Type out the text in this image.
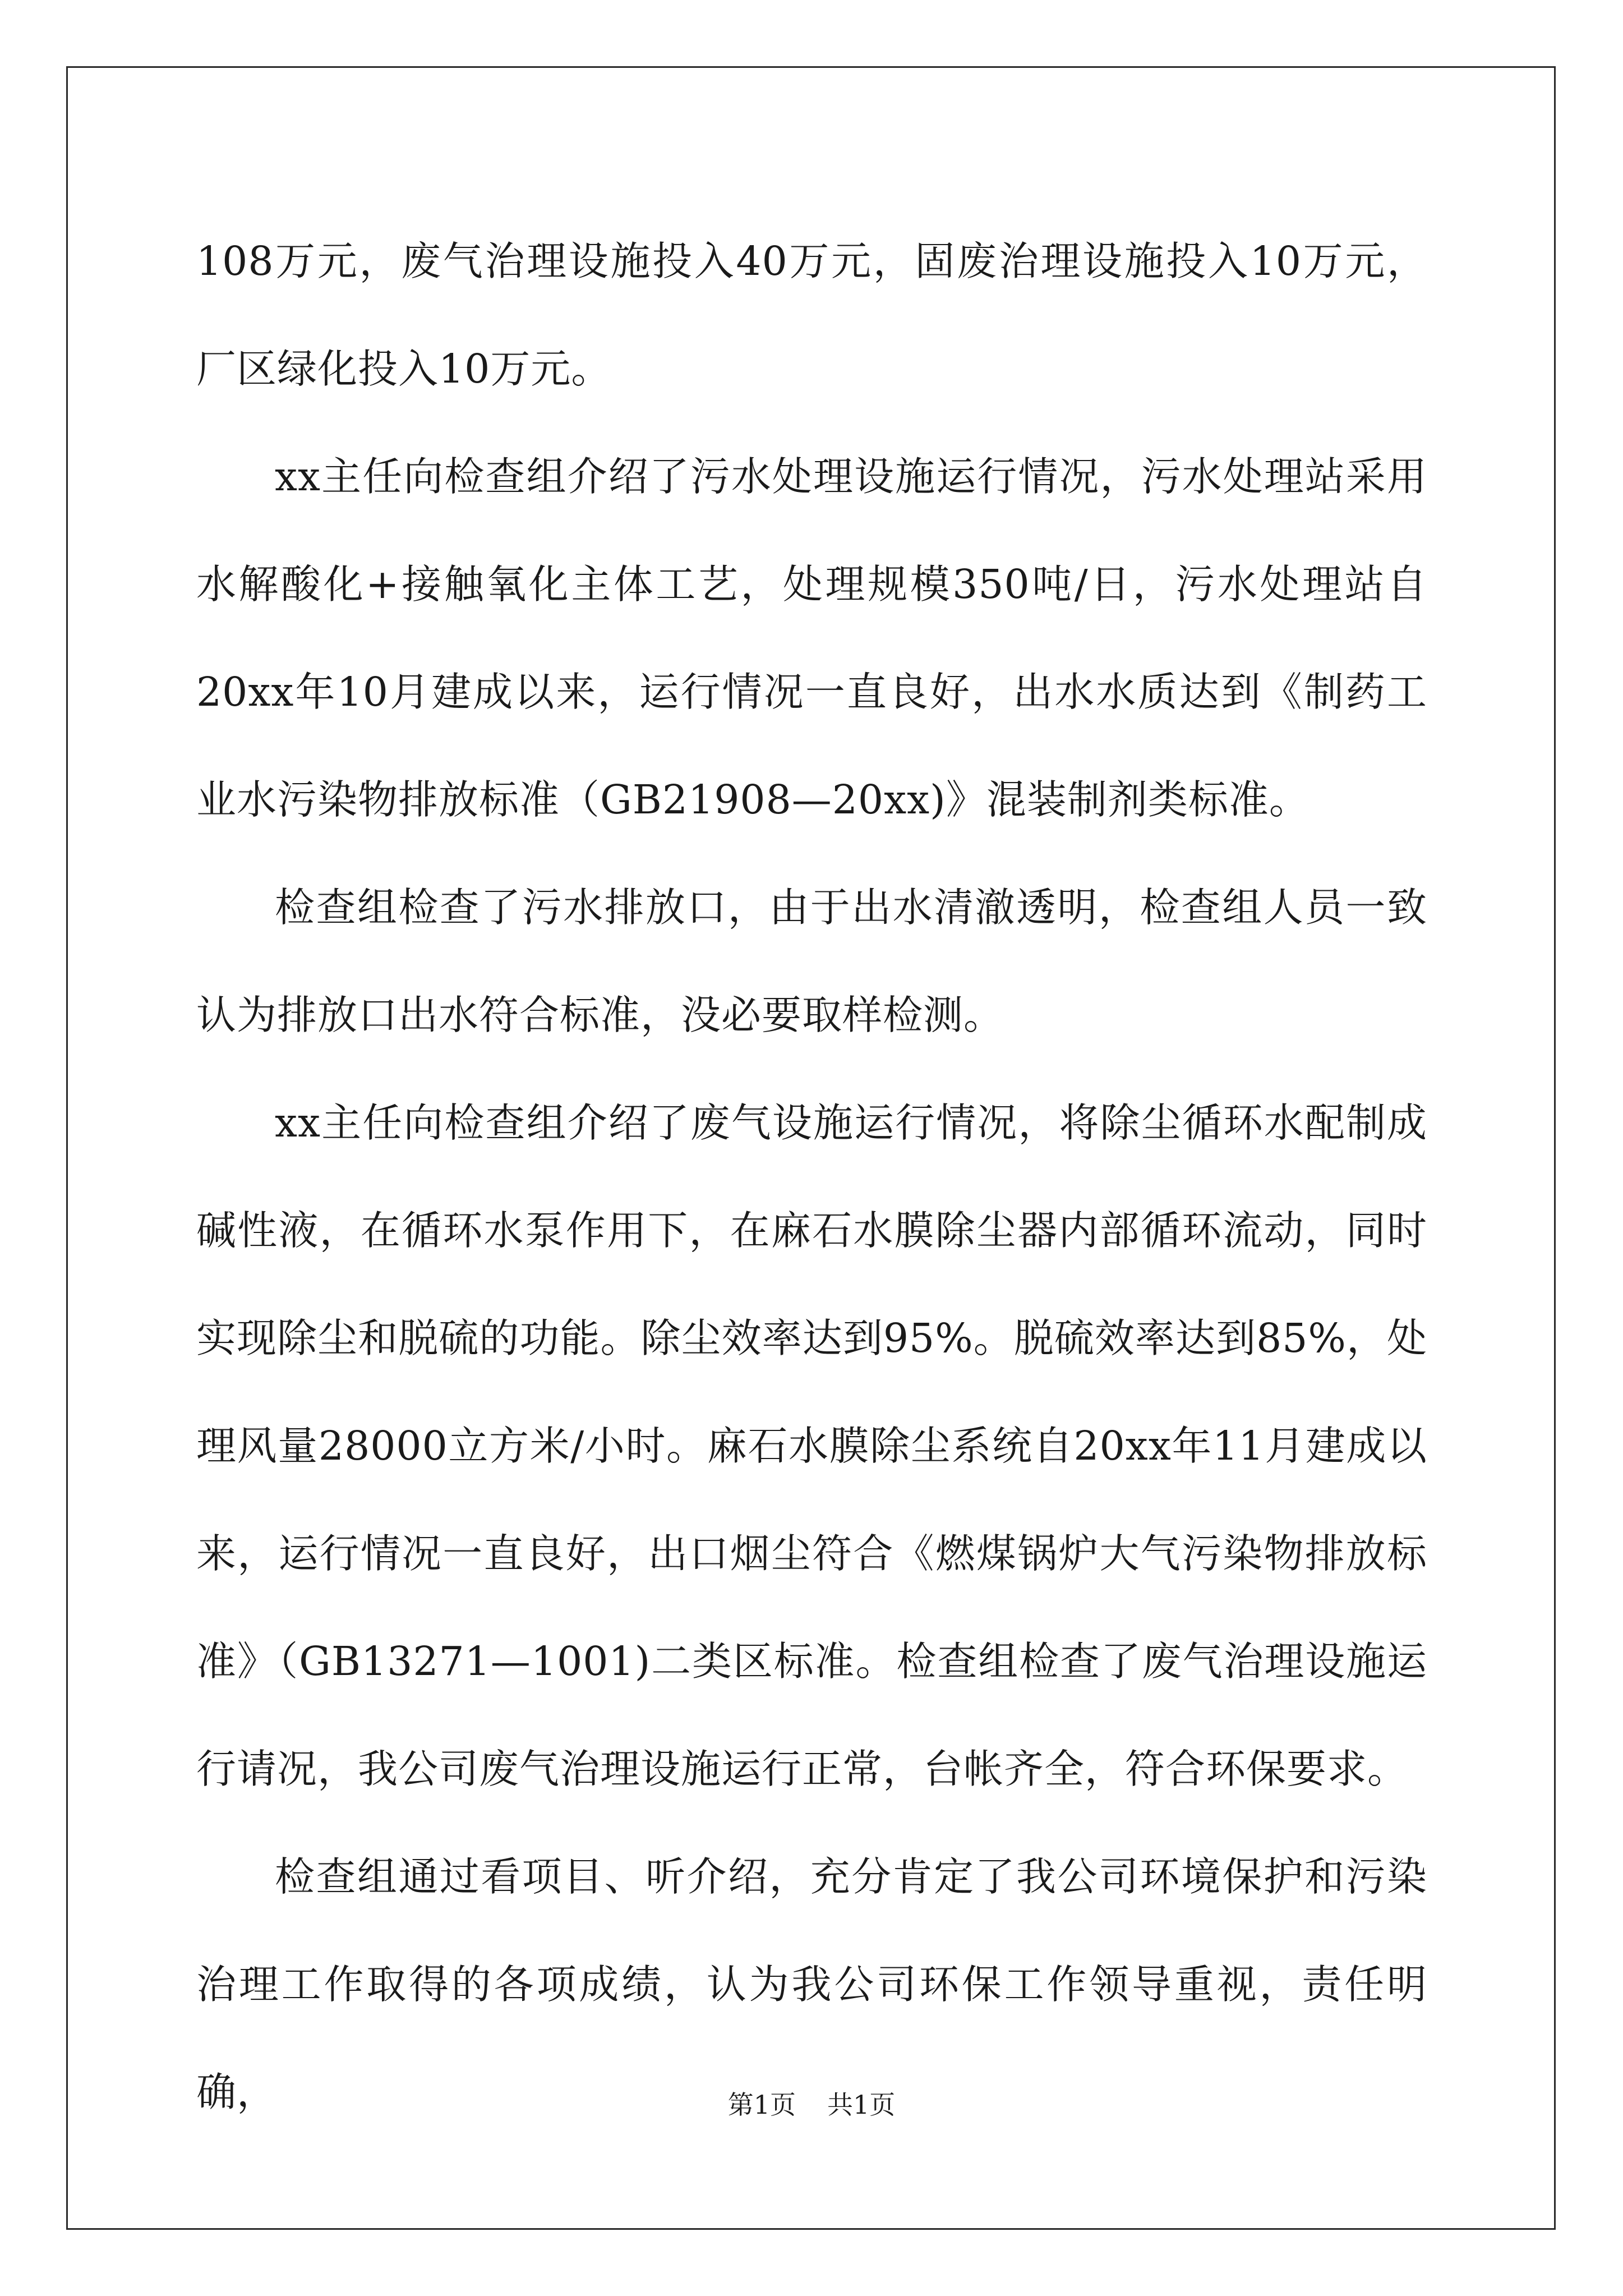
108万元，废气治理设施投入40万元，固废治理设施投入10万元，厂区绿化投入10万元。

xx主任向检查组介绍了污水处理设施运行情况，污水处理站采用水解酸化+接触氧化主体工艺，处理规模350吨/日，污水处理站自20xx年10月建成以来，运行情况一直良好，出水水质达到《制药工业水污染物排放标准（GB21908—20xx)》混装制剂类标准。

检查组检查了污水排放口，由于出水清澈透明，检查组人员一致认为排放口出水符合标准，没必要取样检测。

xx主任向检查组介绍了废气设施运行情况，将除尘循环水配制成碱性液，在循环水泵作用下，在麻石水膜除尘器内部循环流动，同时实现除尘和脱硫的功能。除尘效率达到95%。脱硫效率达到85%，处理风量28000立方米/小时。麻石水膜除尘系统自20xx年11月建成以来，运行情况一直良好，出口烟尘符合《燃煤锅炉大气污染物排放标准》（GB13271—1001)二类区标准。检查组检查了废气治理设施运行请况，我公司废气治理设施运行正常，台帐齐全，符合环保要求。

检查组通过看项目、听介绍，充分肯定了我公司环境保护和污染治理工作取得的各项成绩，认为我公司环保工作领导重视，责任明确，	第1页 共1页
